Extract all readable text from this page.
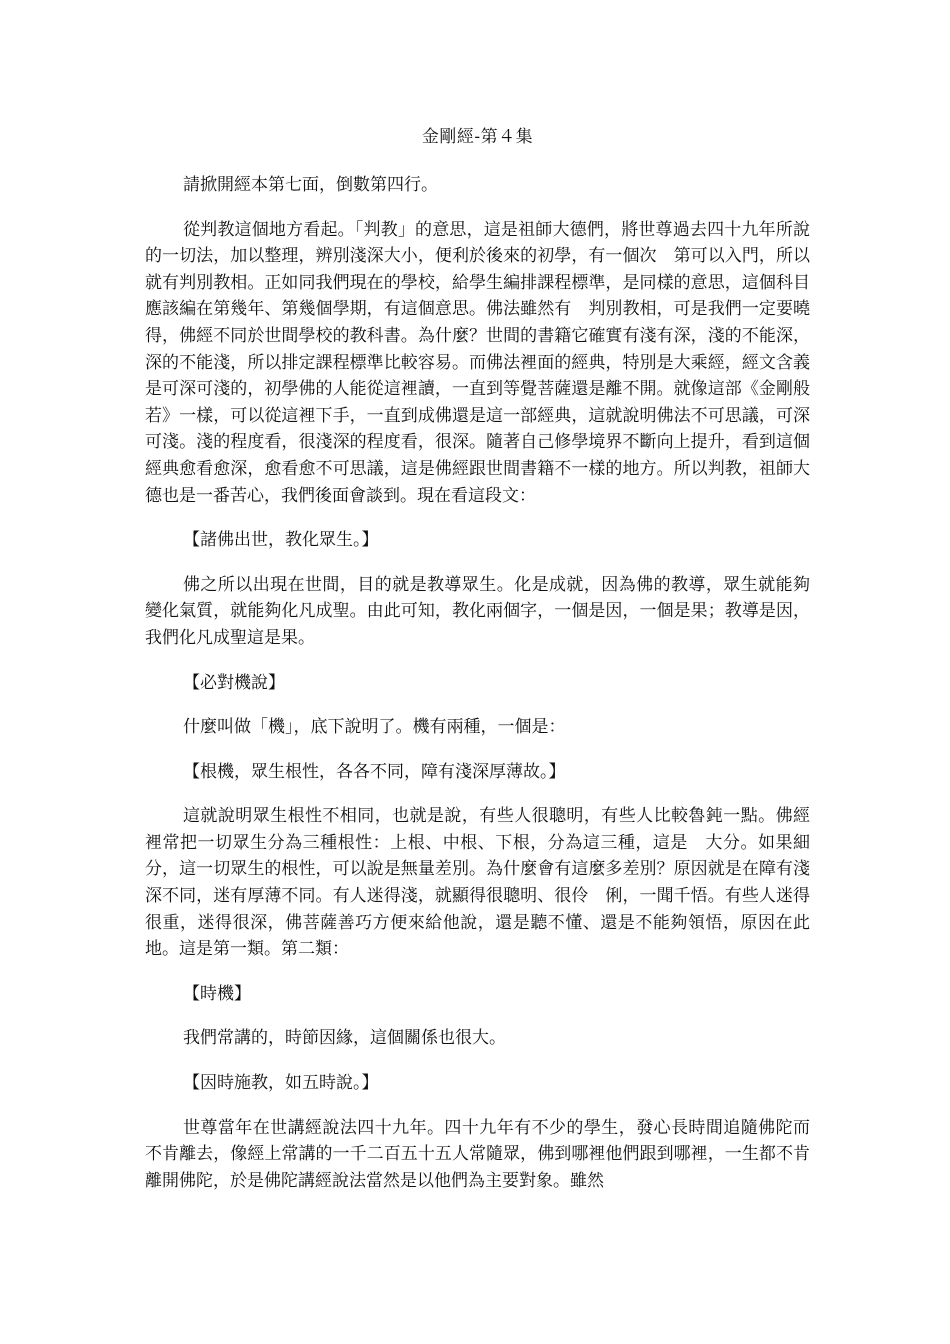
金剛經-第４集

請掀開經本第七面，倒數第四行。

從判教這個地方看起。「判教」的意思，這是祖師大德們，將世尊過去四十九年所說的一切法，加以整理，辨別淺深大小，便利於後來的初學，有一個次　第可以入門，所以就有判別教相。正如同我們現在的學校，給學生編排課程標準，是同樣的意思，這個科目應該編在第幾年、第幾個學期，有這個意思。佛法雖然有　判別教相，可是我們一定要曉得，佛經不同於世間學校的教科書。為什麼？世間的書籍它確實有淺有深，淺的不能深，深的不能淺，所以排定課程標準比較容易。而佛法裡面的經典，特別是大乘經，經文含義是可深可淺的，初學佛的人能從這裡讀，一直到等覺菩薩還是離不開。就像這部《金剛般若》一樣，可以從這裡下手，一直到成佛還是這一部經典，這就說明佛法不可思議，可深可淺。淺的程度看，很淺深的程度看，很深。隨著自己修學境界不斷向上提升，看到這個經典愈看愈深，愈看愈不可思議，這是佛經跟世間書籍不一樣的地方。所以判教，祖師大德也是一番苦心，我們後面會談到。現在看這段文：

【諸佛出世，教化眾生。】

佛之所以出現在世間，目的就是教導眾生。化是成就，因為佛的教導，眾生就能夠變化氣質，就能夠化凡成聖。由此可知，教化兩個字，一個是因，一個是果；教導是因，我們化凡成聖這是果。

【必對機說】

什麼叫做「機」，底下說明了。機有兩種，一個是：

【根機，眾生根性，各各不同，障有淺深厚薄故。】

這就說明眾生根性不相同，也就是說，有些人很聰明，有些人比較魯鈍一點。佛經裡常把一切眾生分為三種根性：上根、中根、下根，分為這三種，這是　大分。如果細分，這一切眾生的根性，可以說是無量差別。為什麼會有這麼多差別？原因就是在障有淺深不同，迷有厚薄不同。有人迷得淺，就顯得很聰明、很伶　俐，一聞千悟。有些人迷得很重，迷得很深，佛菩薩善巧方便來給他說，還是聽不懂、還是不能夠領悟，原因在此地。這是第一類。第二類：

【時機】

我們常講的，時節因緣，這個關係也很大。

【因時施教，如五時說。】

世尊當年在世講經說法四十九年。四十九年有不少的學生，發心長時間追隨佛陀而不肯離去，像經上常講的一千二百五十五人常隨眾，佛到哪裡他們跟到哪裡，一生都不肯離開佛陀，於是佛陀講經說法當然是以他們為主要對象。雖然
